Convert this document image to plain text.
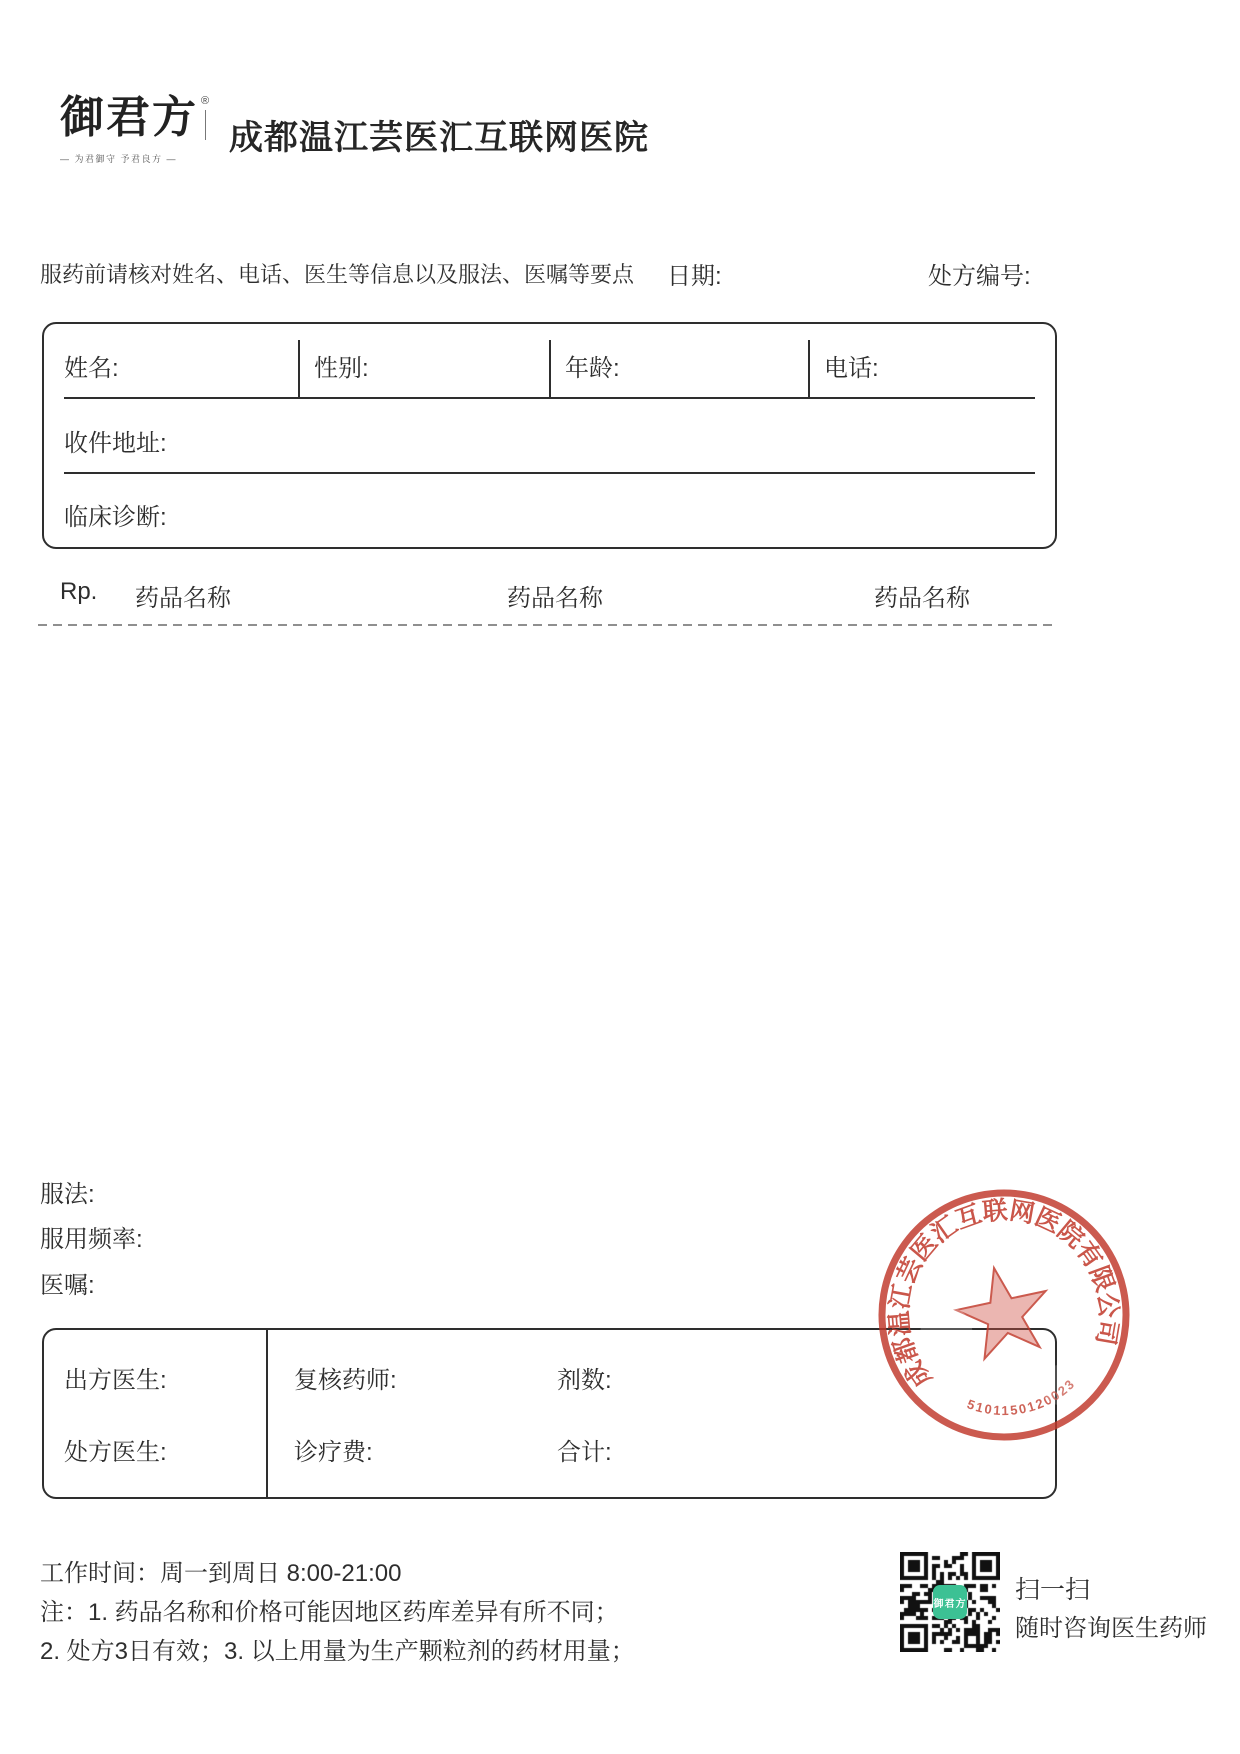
御君方 ®
— 为君御守 予君良方 —
成都温江芸医汇互联网医院
服药前请核对姓名、电话、医生等信息以及服法、医嘱等要点 日期:	处方编号:
姓名:	性别:	年龄:	电话:
收件地址:
临床诊断:
Rp. 药品名称	药品名称	药品名称
服法:
服用频率:
医嘱:
出方医生:	复核药师:	剂数:
处方医生:	诊疗费:	合计:
成都温江芸医汇互联网医院有限公司
5101150120023
工作时间：周一到周日 8:00-21:00
注：1. 药品名称和价格可能因地区药库差异有所不同；
2. 处方3日有效；3. 以上用量为生产颗粒剂的药材用量；
御君方 扫一扫
随时咨询医生药师
